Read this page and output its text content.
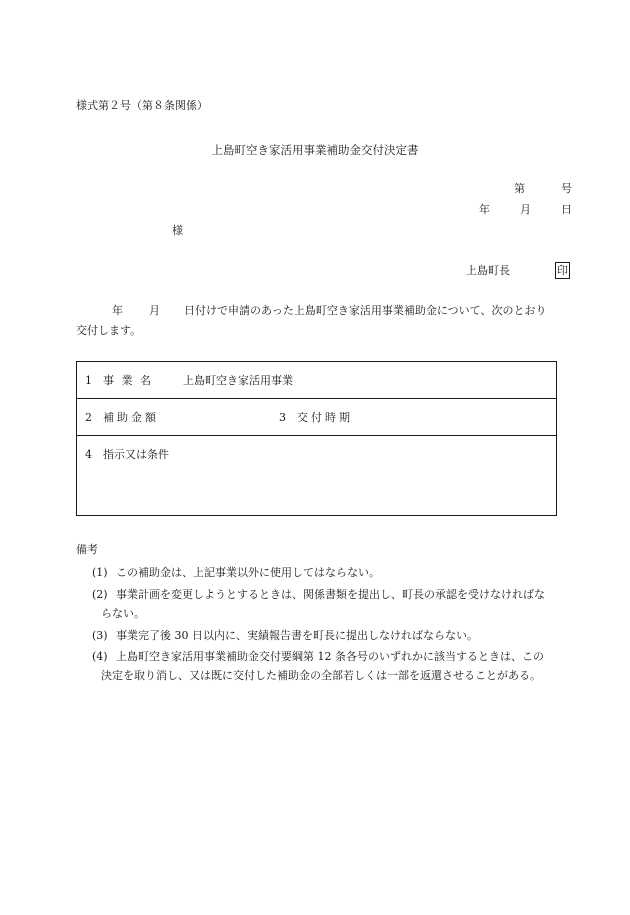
様式第２号（第８条関係）
上島町空き家活用事業補助金交付決定書
第	号
年	月	日
様
上島町長	印
年 月 日付けで申請のあった上島町空き家活用事業補助金について、次のとおり
交付します。
1	事 業 名	上島町空き家活用事業

2	補助金額	3	交付時期

4	指示又は条件
備考
(1) この補助金は、上記事業以外に使用してはならない。
(2) 事業計画を変更しようとするときは、関係書類を提出し、町長の承認を受けなければな
らない。
(3) 事業完了後 30 日以内に、実績報告書を町長に提出しなければならない。
(4) 上島町空き家活用事業補助金交付要綱第 12 条各号のいずれかに該当するときは、この
決定を取り消し、又は既に交付した補助金の全部若しくは一部を返還させることがある。
